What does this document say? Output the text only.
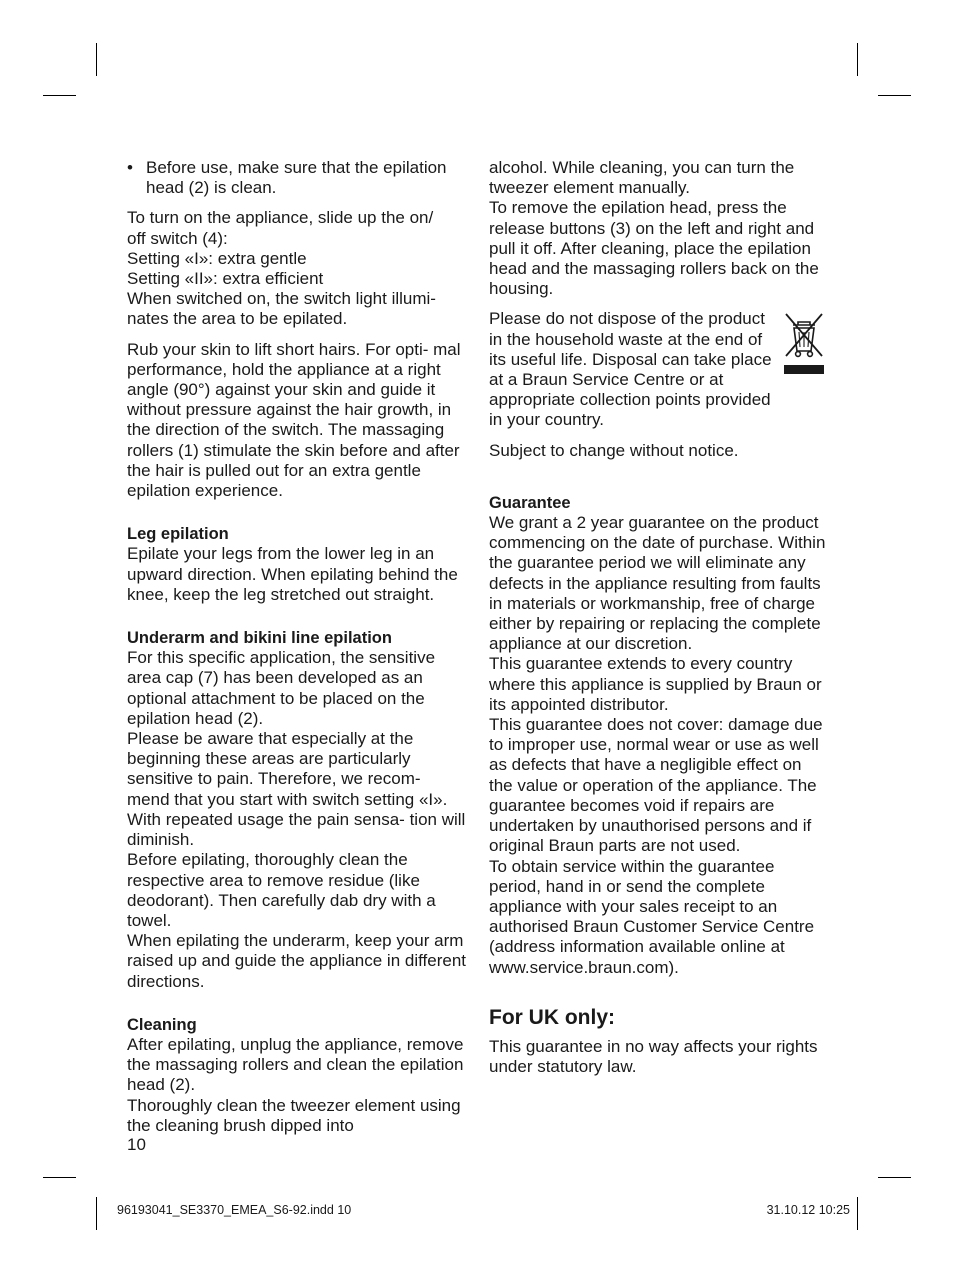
• Before use, make sure that the epilation head (2) is clean.

To turn on the appliance, slide up the on/

off switch (4):

Setting «I»: extra gentle

Setting «II»: extra efficient

When switched on, the switch light illumi-

nates the area to be epilated.

Rub your skin to lift short hairs. For opti- mal performance, hold the appliance at a right angle (90°) against your skin and guide it without pressure against the hair growth, in the direction of the switch. The massaging rollers (1) stimulate the skin before and after the hair is pulled out for an extra gentle epilation experience.

Leg epilation

Epilate your legs from the lower leg in an upward direction. When epilating behind the knee, keep the leg stretched out straight.

Underarm and bikini line epilation

For this specific application, the sensitive area cap (7) has been developed as an optional attachment to be placed on the epilation head (2).

Please be aware that especially at the beginning these areas are particularly sensitive to pain. Therefore, we recom- mend that you start with switch setting «I». With repeated usage the pain sensa- tion will diminish.

Before epilating, thoroughly clean the respective area to remove residue (like deodorant). Then carefully dab dry with a towel.

When epilating the underarm, keep your arm raised up and guide the appliance in different directions.

Cleaning

After epilating, unplug the appliance, remove the massaging rollers and clean the epilation head (2).

Thoroughly clean the tweezer element using the cleaning brush dipped into

alcohol. While cleaning, you can turn the tweezer element manually.

To remove the epilation head, press the release buttons (3) on the left and right and pull it off. After cleaning, place the epilation head and the massaging rollers back on the housing.

Please do not dispose of the product in the household waste at the end of its useful life. Disposal can take place at a Braun Service Centre or at appropriate collection points provided in your country.

Subject to change without notice.

Guarantee

We grant a 2 year guarantee on the product commencing on the date of purchase. Within the guarantee period we will eliminate any defects in the appliance resulting from faults in materials or workmanship, free of charge either by repairing or replacing the complete appliance at our discretion.

This guarantee extends to every country where this appliance is supplied by Braun or its appointed distributor.

This guarantee does not cover: damage due to improper use, normal wear or use as well as defects that have a negligible effect on the value or operation of the appliance. The guarantee becomes void if repairs are undertaken by unauthorised persons and if original Braun parts are not used.

To obtain service within the guarantee period, hand in or send the complete appliance with your sales receipt to an authorised Braun Customer Service Centre (address information available online at www.service.braun.com).

For UK only:

This guarantee in no way affects your rights under statutory law.

10
96193041_SE3370_EMEA_S6-92.indd 10	31.10.12 10:25
